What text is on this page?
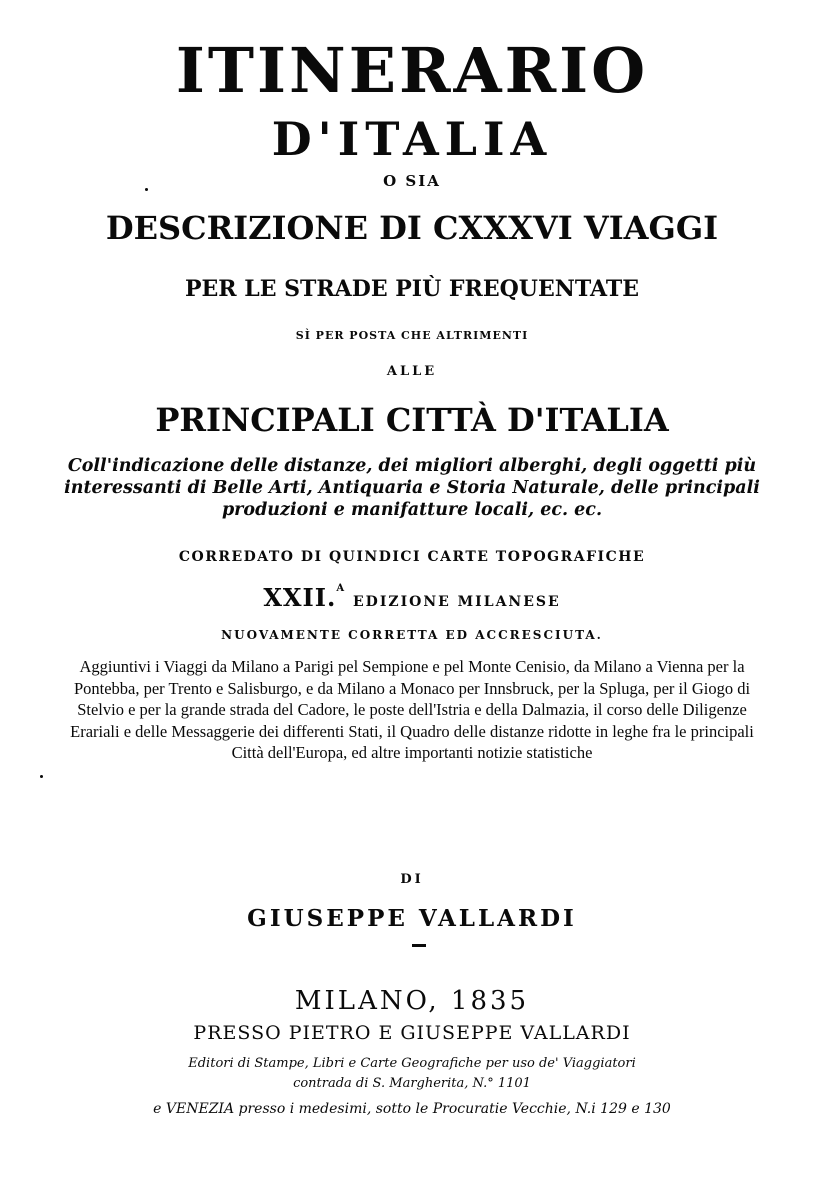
ITINERARIO
D'ITALIA
O SIA
DESCRIZIONE DI CXXXVI VIAGGI
PER LE STRADE PIÙ FREQUENTATE
SÌ PER POSTA CHE ALTRIMENTI
ALLE
PRINCIPALI CITTÀ D'ITALIA
Coll'indicazione delle distanze, dei migliori alberghi, degli oggetti più interessanti di Belle Arti, Antiquaria e Storia Naturale, delle principali produzioni e manifatture locali, ec. ec.
CORREDATO DI QUINDICI CARTE TOPOGRAFICHE
XXII.$^A$ EDIZIONE MILANESE
NUOVAMENTE CORRETTA ED ACCRESCIUTA.
Aggiuntivi i Viaggi da Milano a Parigi pel Sempione e pel Monte Cenisio, da Milano a Vienna per la Pontebba, per Trento e Salisburgo, e da Milano a Monaco per Innsbruck, per la Spluga, per il Giogo di Stelvio e per la grande strada del Cadore, le poste dell'Istria e della Dalmazia, il corso delle Diligenze Erariali e delle Messaggerie dei differenti Stati, il Quadro delle distanze ridotte in leghe fra le principali Città dell'Europa, ed altre importanti notizie statistiche
DI
GIUSEPPE VALLARDI
MILANO, 1835
PRESSO PIETRO E GIUSEPPE VALLARDI
Editori di Stampe, Libri e Carte Geografiche per uso de' Viaggiatori
contrada di S. Margherita, N.° 1101
e VENEZIA presso i medesimi, sotto le Procuratie Vecchie, N.i 129 e 130
